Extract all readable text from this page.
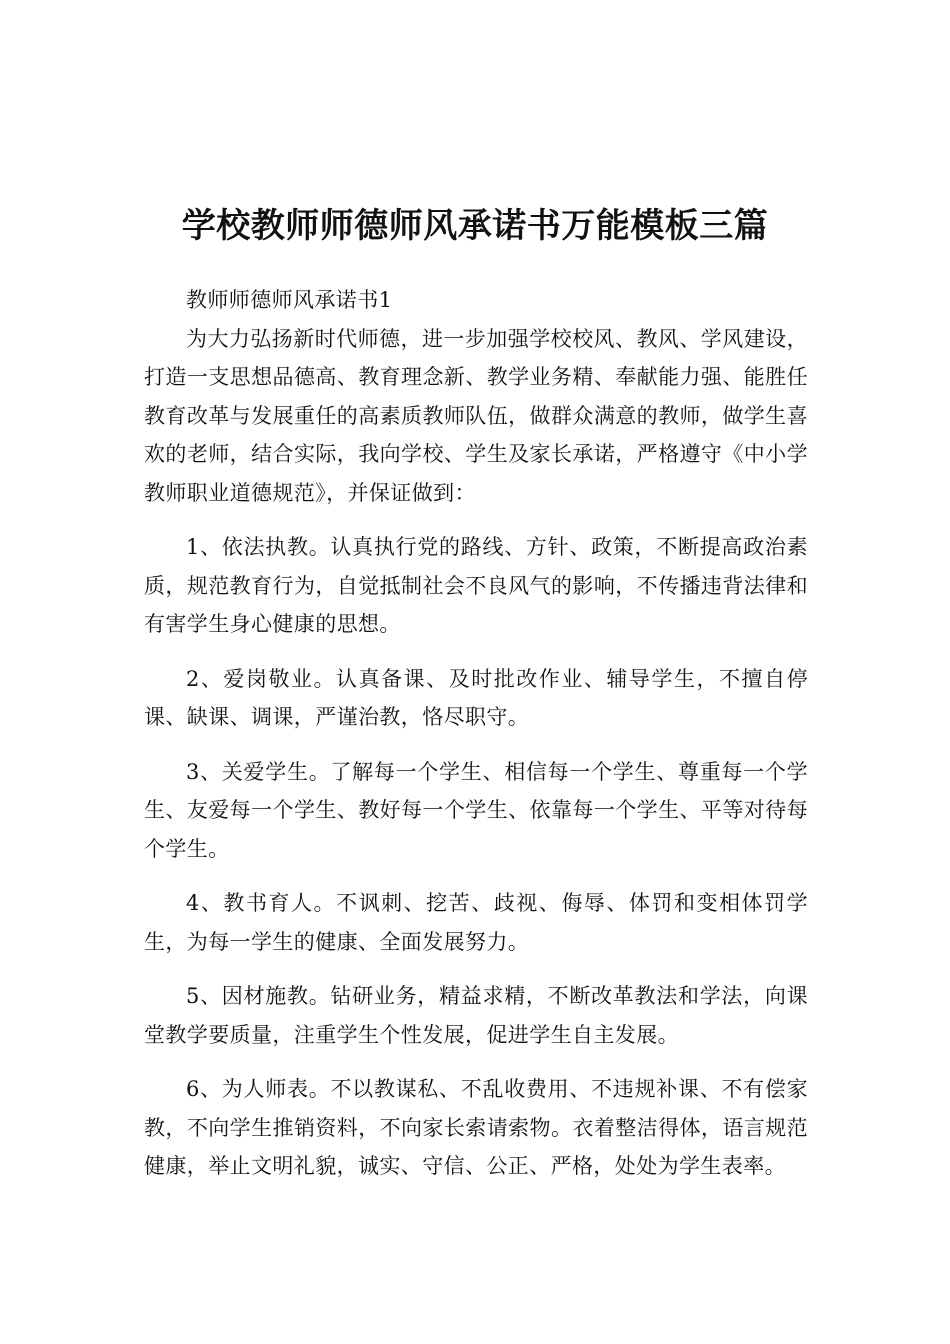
学校教师师德师风承诺书万能模板三篇

教师师德师风承诺书1

为大力弘扬新时代师德，进一步加强学校校风、教风、学风建设，打造一支思想品德高、教育理念新、教学业务精、奉献能力强、能胜任教育改革与发展重任的高素质教师队伍，做群众满意的教师，做学生喜欢的老师，结合实际，我向学校、学生及家长承诺，严格遵守《中小学教师职业道德规范》，并保证做到：

1、依法执教。认真执行党的路线、方针、政策，不断提高政治素质，规范教育行为，自觉抵制社会不良风气的影响，不传播违背法律和有害学生身心健康的思想。

2、爱岗敬业。认真备课、及时批改作业、辅导学生，不擅自停课、缺课、调课，严谨治教，恪尽职守。

3、关爱学生。了解每一个学生、相信每一个学生、尊重每一个学生、友爱每一个学生、教好每一个学生、依靠每一个学生、平等对待每个学生。

4、教书育人。不讽刺、挖苦、歧视、侮辱、体罚和变相体罚学生，为每一学生的健康、全面发展努力。

5、因材施教。钻研业务，精益求精，不断改革教法和学法，向课堂教学要质量，注重学生个性发展，促进学生自主发展。

6、为人师表。不以教谋私、不乱收费用、不违规补课、不有偿家教，不向学生推销资料，不向家长索请索物。衣着整洁得体，语言规范健康，举止文明礼貌，诚实、守信、公正、严格，处处为学生表率。
